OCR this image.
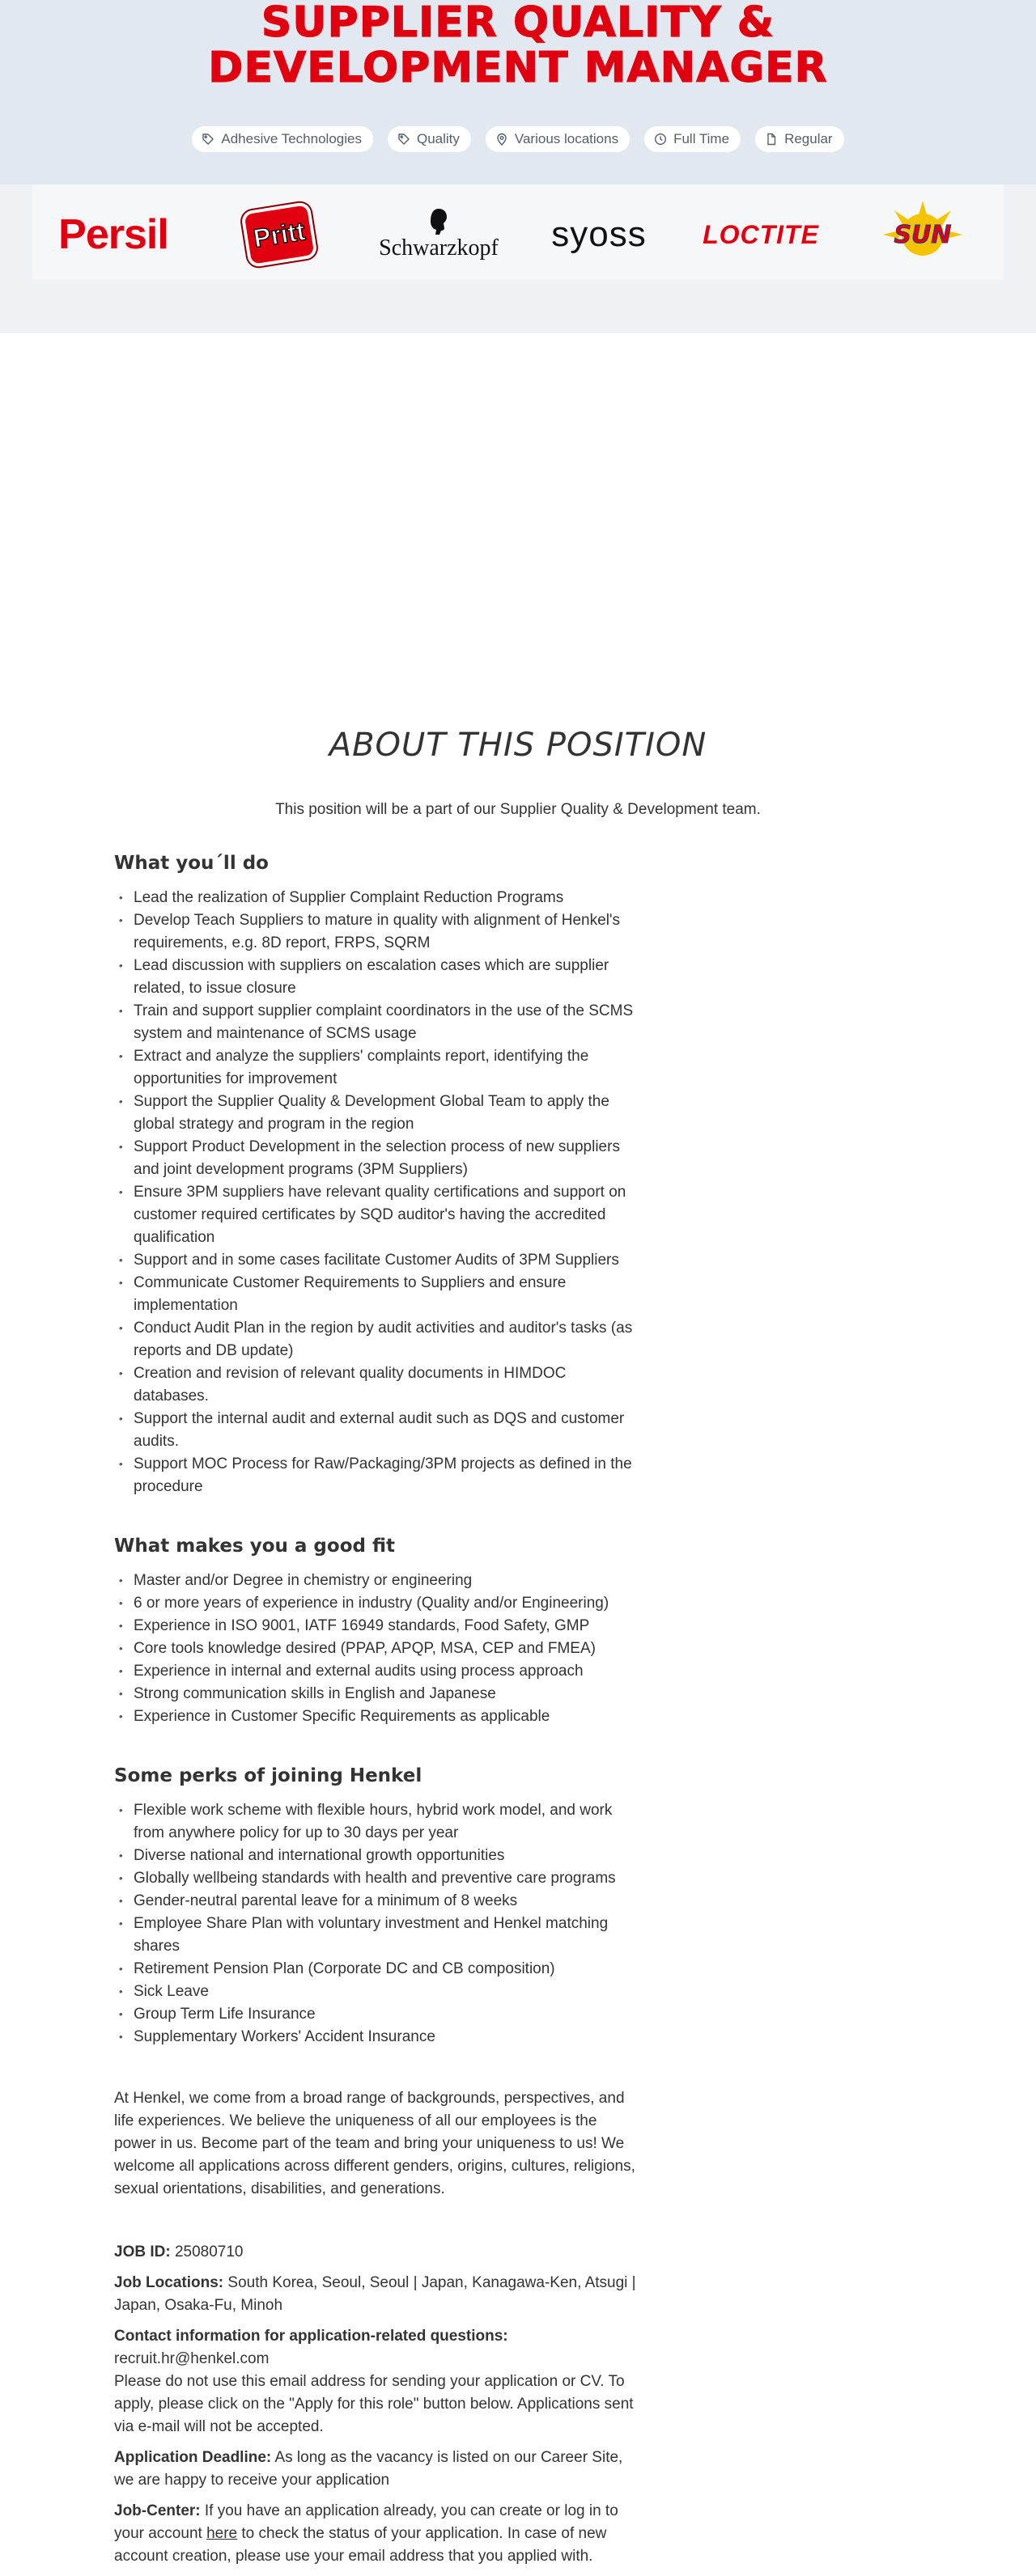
SUPPLIER QUALITY &
DEVELOPMENT MANAGER
Adhesive Technologies	Quality	Various locations	Full Time	Regular
Persil	Pritt	Schwarzkopf syoss LOCTITE	SUN
ABOUT THIS POSITION

This position will be a part of our Supplier Quality & Development team.

What you´ll do
• Lead the realization of Supplier Complaint Reduction Programs
• Develop Teach Suppliers to mature in quality with alignment of Henkel's requirements, e.g. 8D report, FRPS, SQRM
• Lead discussion with suppliers on escalation cases which are supplier related, to issue closure
• Train and support supplier complaint coordinators in the use of the SCMS system and maintenance of SCMS usage
• Extract and analyze the suppliers' complaints report, identifying the opportunities for improvement
• Support the Supplier Quality & Development Global Team to apply the global strategy and program in the region
• Support Product Development in the selection process of new suppliers and joint development programs (3PM Suppliers)
• Ensure 3PM suppliers have relevant quality certifications and support on customer required certificates by SQD auditor's having the accredited qualification
• Support and in some cases facilitate Customer Audits of 3PM Suppliers
• Communicate Customer Requirements to Suppliers and ensure implementation
• Conduct Audit Plan in the region by audit activities and auditor's tasks (as reports and DB update)
• Creation and revision of relevant quality documents in HIMDOC databases.
• Support the internal audit and external audit such as DQS and customer audits.
• Support MOC Process for Raw/Packaging/3PM projects as defined in the procedure
What makes you a good fit
• Master and/or Degree in chemistry or engineering
• 6 or more years of experience in industry (Quality and/or Engineering)
• Experience in ISO 9001, IATF 16949 standards, Food Safety, GMP
• Core tools knowledge desired (PPAP, APQP, MSA, CEP and FMEA)
• Experience in internal and external audits using process approach
• Strong communication skills in English and Japanese
• Experience in Customer Specific Requirements as applicable
Some perks of joining Henkel
• Flexible work scheme with flexible hours, hybrid work model, and work from anywhere policy for up to 30 days per year
• Diverse national and international growth opportunities
• Globally wellbeing standards with health and preventive care programs
• Gender-neutral parental leave for a minimum of 8 weeks
• Employee Share Plan with voluntary investment and Henkel matching shares
• Retirement Pension Plan (Corporate DC and CB composition)
• Sick Leave
• Group Term Life Insurance
• Supplementary Workers' Accident Insurance

At Henkel, we come from a broad range of backgrounds, perspectives, and life experiences. We believe the uniqueness of all our employees is the power in us. Become part of the team and bring your uniqueness to us! We welcome all applications across different genders, origins, cultures, religions, sexual orientations, disabilities, and generations.

JOB ID: 25080710

Job Locations: South Korea, Seoul, Seoul | Japan, Kanagawa-Ken, Atsugi | Japan, Osaka-Fu, Minoh

Contact information for application-related questions:
recruit.hr@henkel.com
Please do not use this email address for sending your application or CV. To apply, please click on the "Apply for this role" button below. Applications sent via e-mail will not be accepted.

Application Deadline: As long as the vacancy is listed on our Career Site, we are happy to receive your application

Job-Center: If you have an application already, you can create or log in to your account here to check the status of your application. In case of new account creation, please use your email address that you applied with.
